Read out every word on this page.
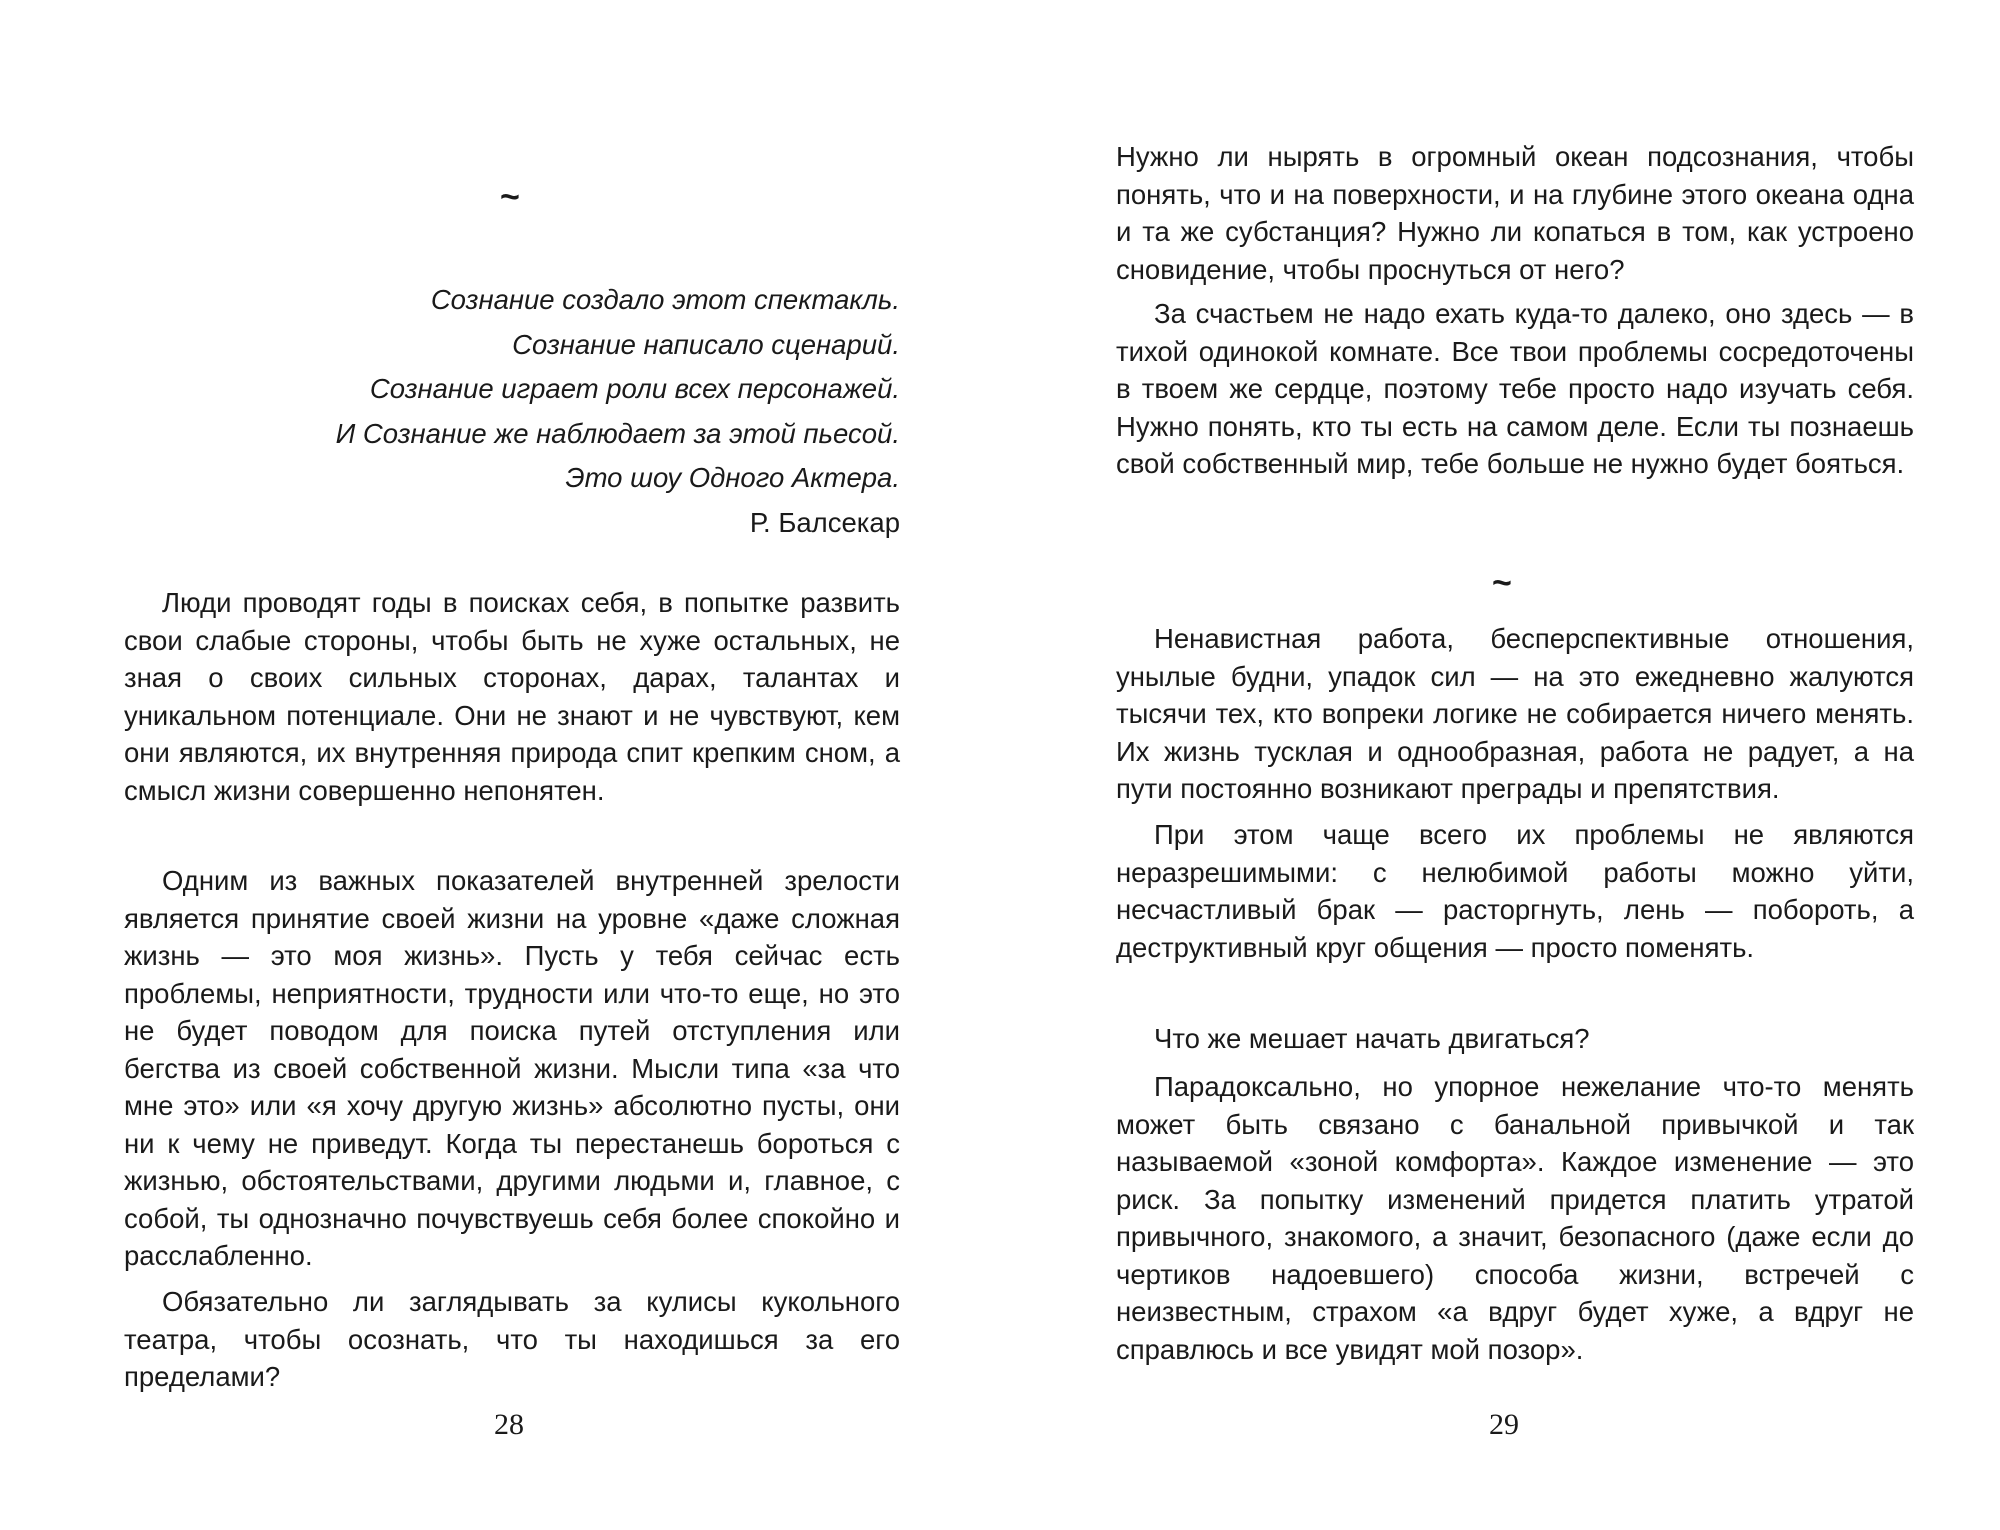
~
Сознание создало этот спектакль.
Сознание написало сценарий.
Сознание играет роли всех персонажей.
И Сознание же наблюдает за этой пьесой.
Это шоу Одного Актера.
Р. Балсекар

Люди проводят годы в поисках себя, в попытке развить свои слабые стороны, чтобы быть не хуже остальных, не зная о своих сильных сторонах, дарах, талантах и уникальном потенциале. Они не знают и не чувствуют, кем они являются, их внутренняя природа спит крепким сном, а смысл жизни совершенно непонятен.

Одним из важных показателей внутренней зрелости является принятие своей жизни на уровне «даже сложная жизнь — это моя жизнь». Пусть у тебя сейчас есть проблемы, неприятности, трудности или что-то еще, но это не будет поводом для поиска путей отступления или бегства из своей собственной жизни. Мысли типа «за что мне это» или «я хочу другую жизнь» абсолютно пусты, они ни к чему не приведут. Когда ты перестанешь бороться с жизнью, обстоятельствами, другими людьми и, главное, с собой, ты однозначно почувствуешь себя более спокойно и расслабленно.

Обязательно ли заглядывать за кулисы кукольного театра, чтобы осознать, что ты находишься за его пределами?

28

Нужно ли нырять в огромный океан подсознания, чтобы понять, что и на поверхности, и на глубине этого океана одна и та же субстанция? Нужно ли копаться в том, как устроено сновидение, чтобы проснуться от него?

За счастьем не надо ехать куда-то далеко, оно здесь — в тихой одинокой комнате. Все твои проблемы сосредоточены в твоем же сердце, поэтому тебе просто надо изучать себя. Нужно понять, кто ты есть на самом деле. Если ты познаешь свой собственный мир, тебе больше не нужно будет бояться.

~

Ненавистная работа, бесперспективные отношения, унылые будни, упадок сил — на это ежедневно жалуются тысячи тех, кто вопреки логике не собирается ничего менять. Их жизнь тусклая и однообразная, работа не радует, а на пути постоянно возникают преграды и препятствия.

При этом чаще всего их проблемы не являются неразрешимыми: с нелюбимой работы можно уйти, несчастливый брак — расторгнуть, лень — побороть, а деструктивный круг общения — просто поменять.

Что же мешает начать двигаться?

Парадоксально, но упорное нежелание что-то менять может быть связано с банальной привычкой и так называемой «зоной комфорта». Каждое изменение — это риск. За попытку изменений придется платить утратой привычного, знакомого, а значит, безопасного (даже если до чертиков надоевшего) способа жизни, встречей с неизвестным, страхом «а вдруг будет хуже, а вдруг не справлюсь и все увидят мой позор».

29
